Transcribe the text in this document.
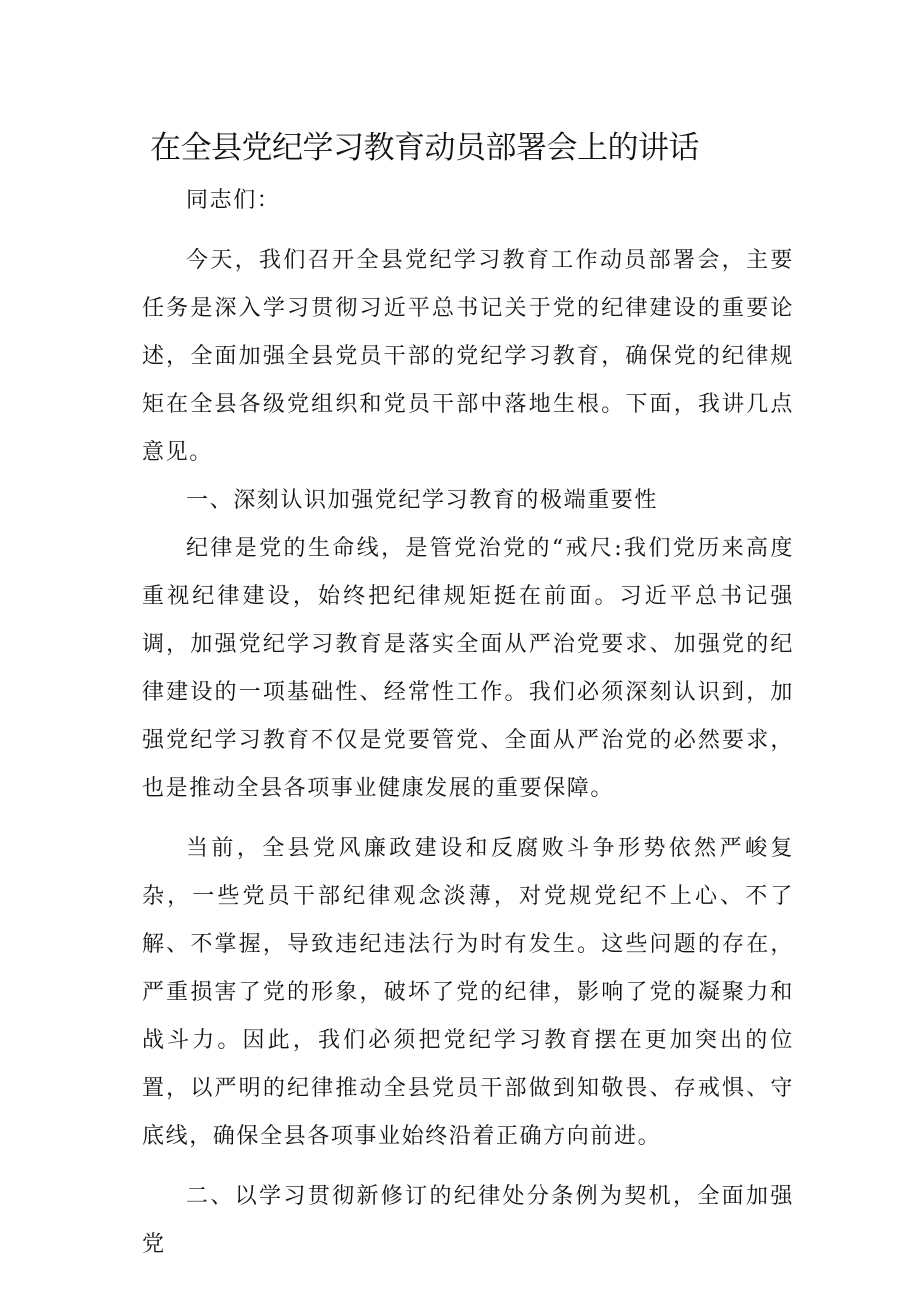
在全县党纪学习教育动员部署会上的讲话

同志们：

今天，我们召开全县党纪学习教育工作动员部署会，主要任务是深入学习贯彻习近平总书记关于党的纪律建设的重要论述，全面加强全县党员干部的党纪学习教育，确保党的纪律规矩在全县各级党组织和党员干部中落地生根。下面，我讲几点意见。

一、深刻认识加强党纪学习教育的极端重要性

纪律是党的生命线，是管党治党的“戒尺:我们党历来高度重视纪律建设，始终把纪律规矩挺在前面。习近平总书记强调，加强党纪学习教育是落实全面从严治党要求、加强党的纪律建设的一项基础性、经常性工作。我们必须深刻认识到，加强党纪学习教育不仅是党要管党、全面从严治党的必然要求，也是推动全县各项事业健康发展的重要保障。

当前，全县党风廉政建设和反腐败斗争形势依然严峻复杂，一些党员干部纪律观念淡薄，对党规党纪不上心、不了解、不掌握，导致违纪违法行为时有发生。这些问题的存在，严重损害了党的形象，破坏了党的纪律，影响了党的凝聚力和战斗力。因此，我们必须把党纪学习教育摆在更加突出的位置，以严明的纪律推动全县党员干部做到知敬畏、存戒惧、守底线，确保全县各项事业始终沿着正确方向前进。

二、以学习贯彻新修订的纪律处分条例为契机，全面加强党
